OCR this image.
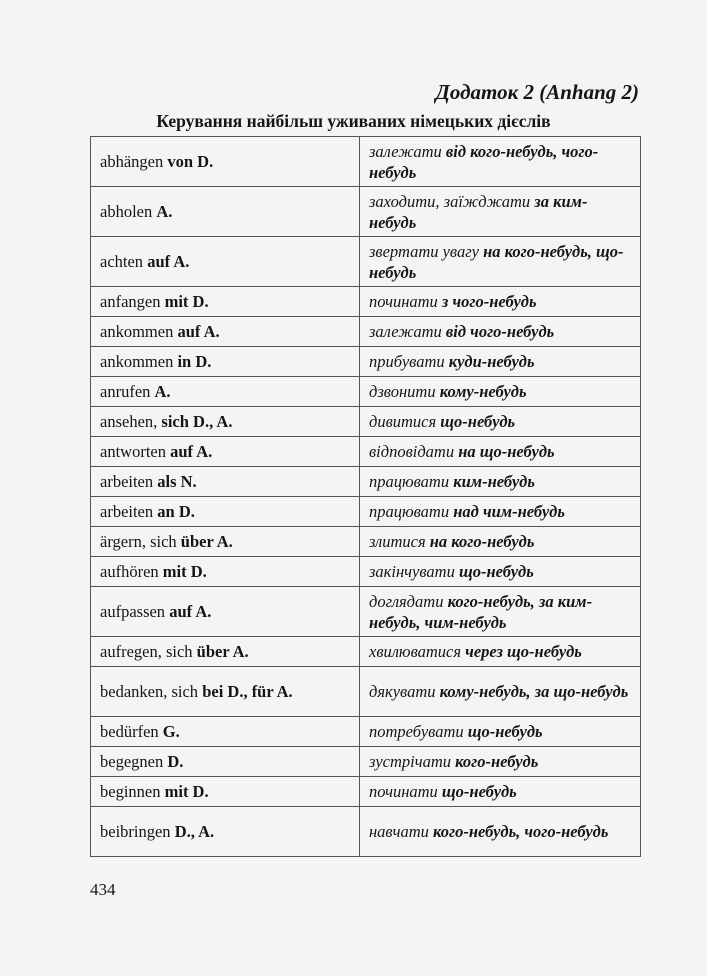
Додаток 2 (Anhang 2)
Керування найбільш уживаних німецьких дієслів
abhängen von D.	залежати від кого-небудь, чого-небудь
abholen A.	заходити, заїжджати за ким-небудь
achten auf A.	звертати увагу на кого-небудь, що-небудь
anfangen mit D.	починати з чого-небудь
ankommen auf A.	залежати від чого-небудь
ankommen in D.	прибувати куди-небудь
anrufen A.	дзвонити кому-небудь
ansehen, sich D., A.	дивитися що-небудь
antworten auf A.	відповідати на що-небудь
arbeiten als N.	працювати ким-небудь
arbeiten an D.	працювати над чим-небудь
ärgern, sich über A.	злитися на кого-небудь
aufhören mit D.	закінчувати що-небудь
aufpassen auf A.	доглядати кого-небудь, за ким-небудь, чим-небудь
aufregen, sich über A.	хвилюватися через що-небудь
bedanken, sich bei D., für A.	дякувати кому-небудь, за що-небудь
bedürfen G.	потребувати що-небудь
begegnen D.	зустрічати кого-небудь
beginnen mit D.	починати що-небудь
beibringen D., A.	навчати кого-небудь, чого-небудь
434
